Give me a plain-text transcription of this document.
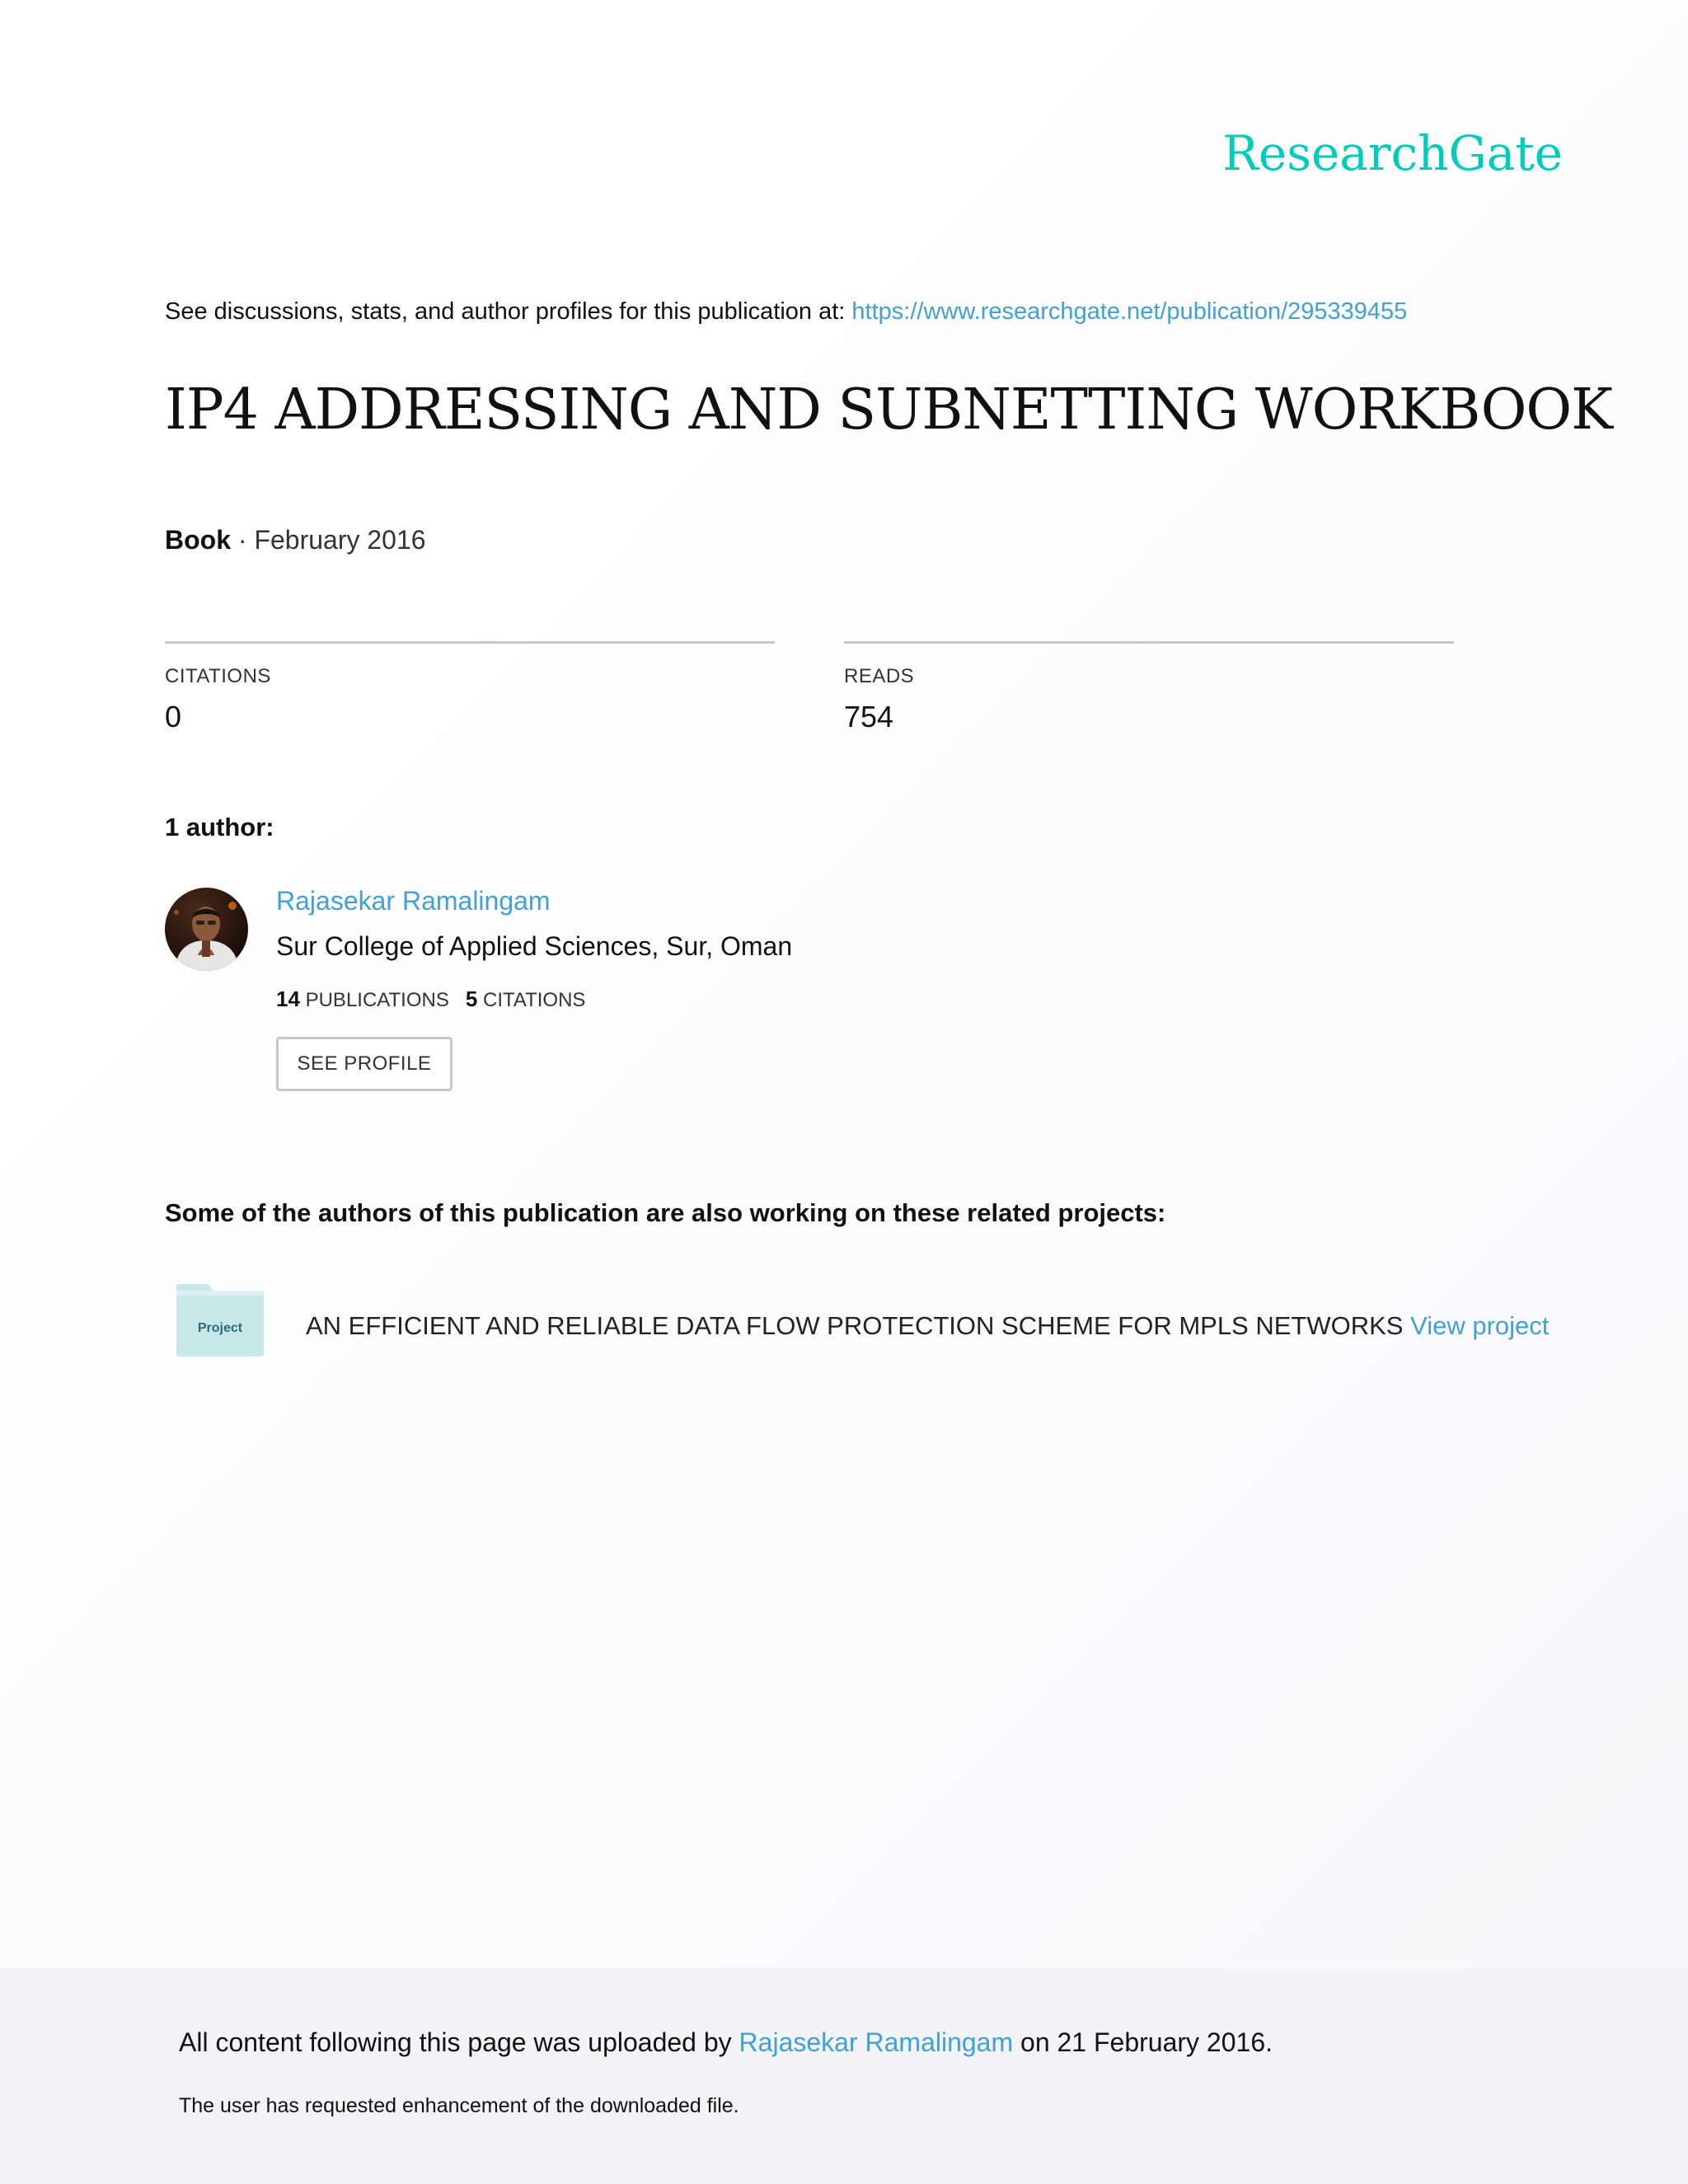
ResearchGate
See discussions, stats, and author profiles for this publication at: https://www.researchgate.net/publication/295339455
IP4 ADDRESSING AND SUBNETTING WORKBOOK
Book · February 2016
CITATIONS
0
READS
754
1 author:
Rajasekar Ramalingam
Sur College of Applied Sciences, Sur, Oman
14 PUBLICATIONS 5 CITATIONS
SEE PROFILE
Some of the authors of this publication are also working on these related projects:
Project AN EFFICIENT AND RELIABLE DATA FLOW PROTECTION SCHEME FOR MPLS NETWORKS View project
All content following this page was uploaded by Rajasekar Ramalingam on 21 February 2016.
The user has requested enhancement of the downloaded file.
